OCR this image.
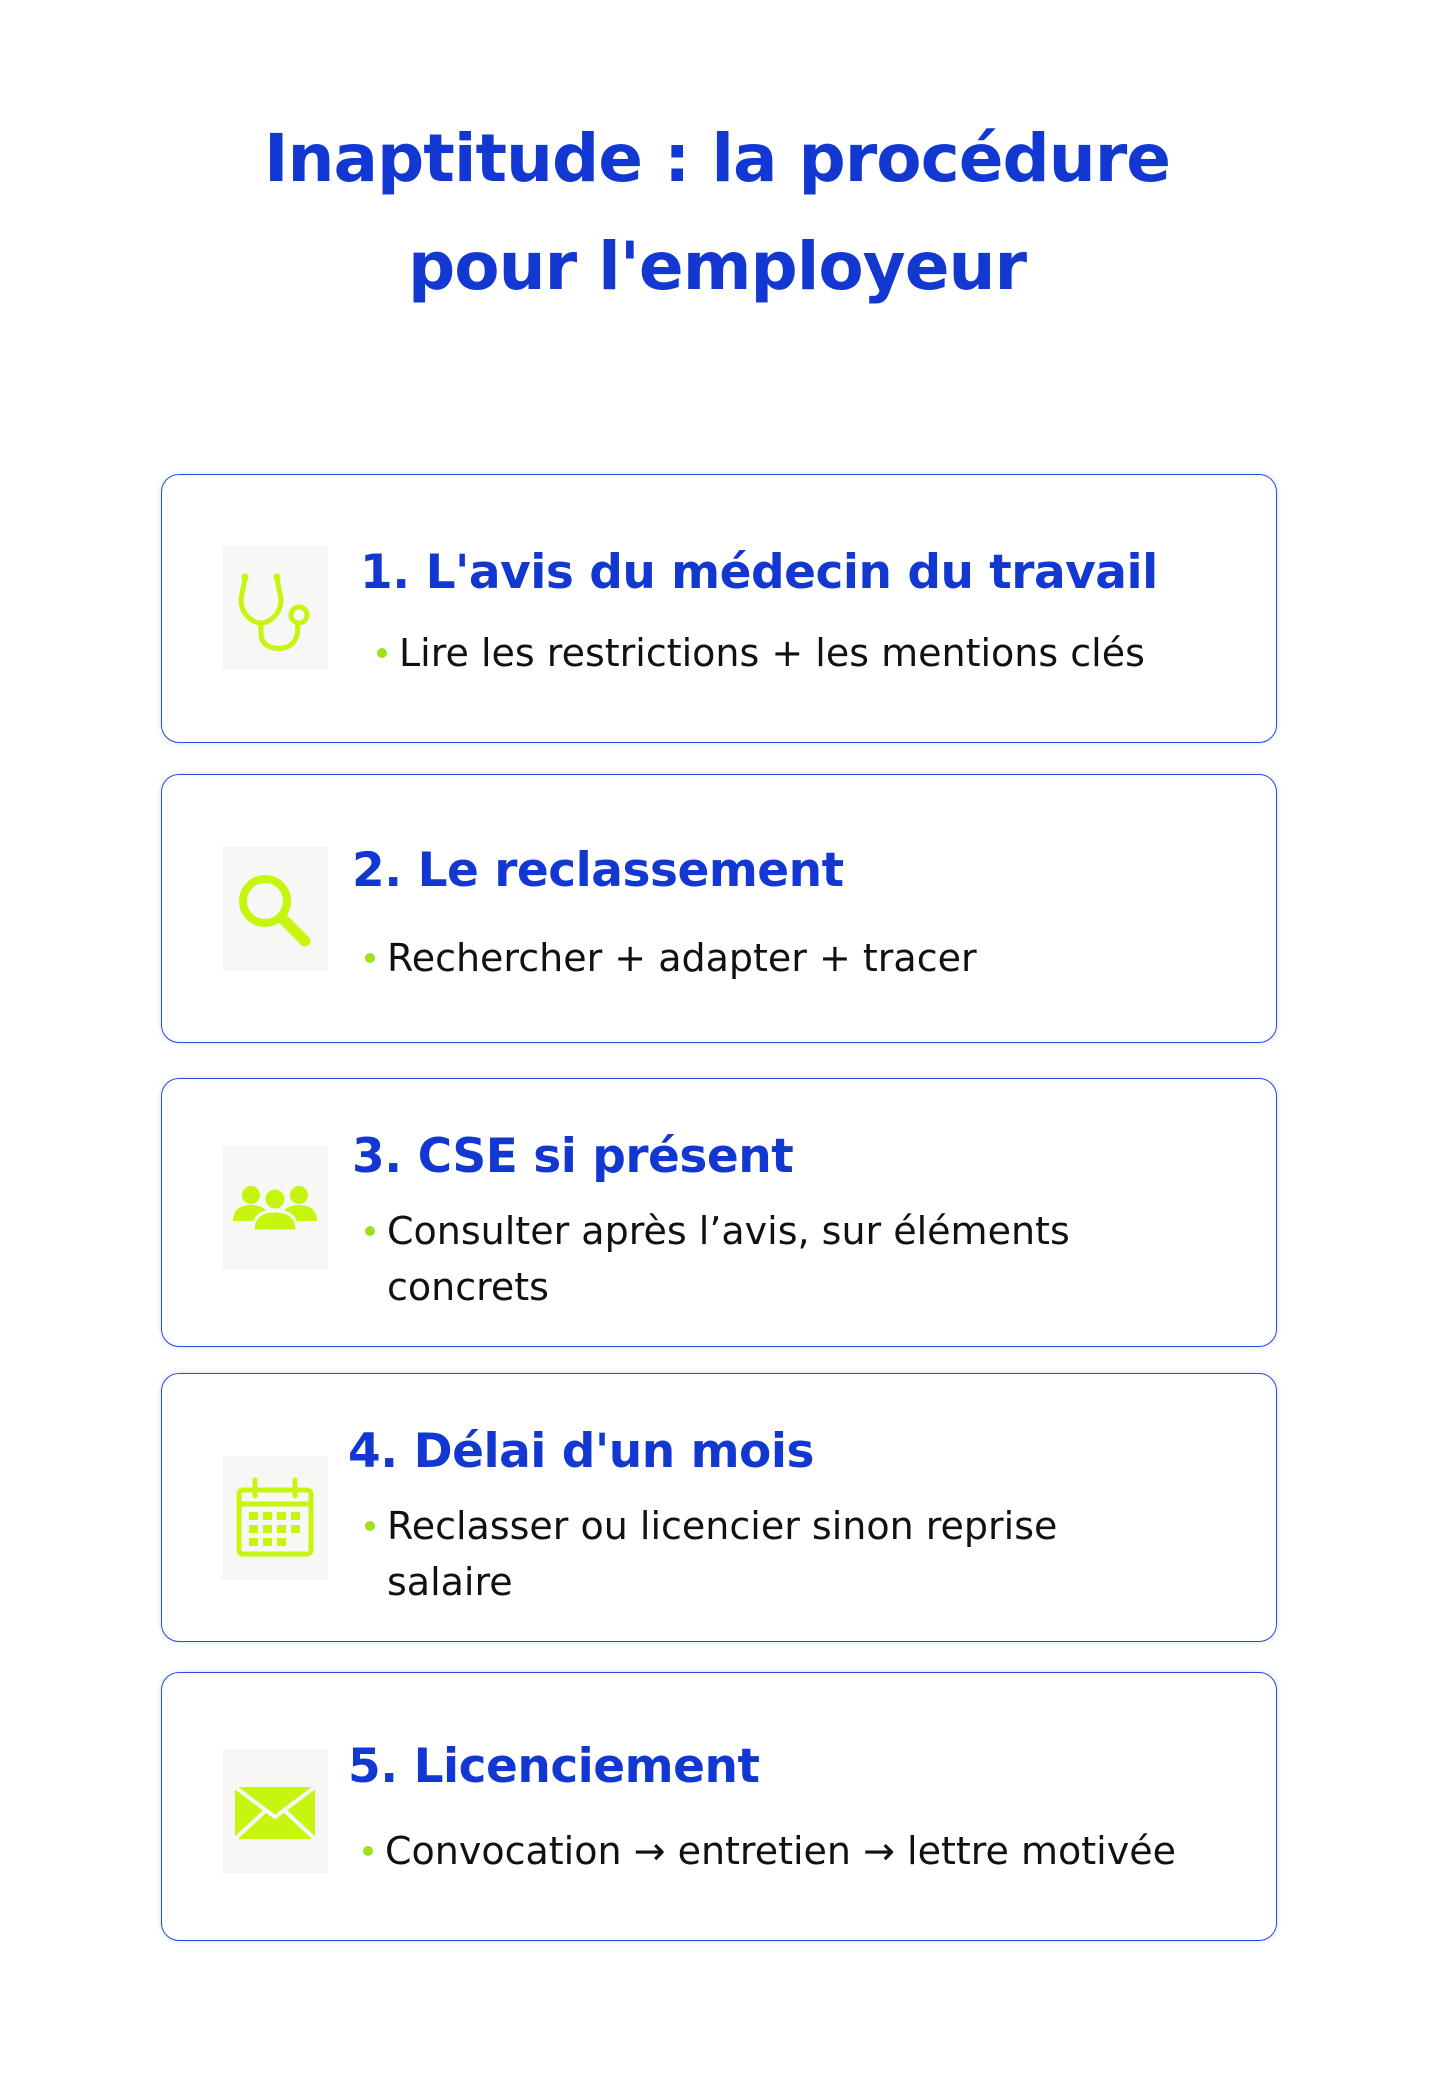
Inaptitude : la procédure
pour l'employeur
1. L'avis du médecin du travail
Lire les restrictions + les mentions clés
2. Le reclassement
Rechercher + adapter + tracer
3. CSE si présent
Consulter après l’avis, sur éléments concrets
4. Délai d'un mois
Reclasser ou licencier sinon reprise salaire
5. Licenciement
Convocation → entretien → lettre motivée
